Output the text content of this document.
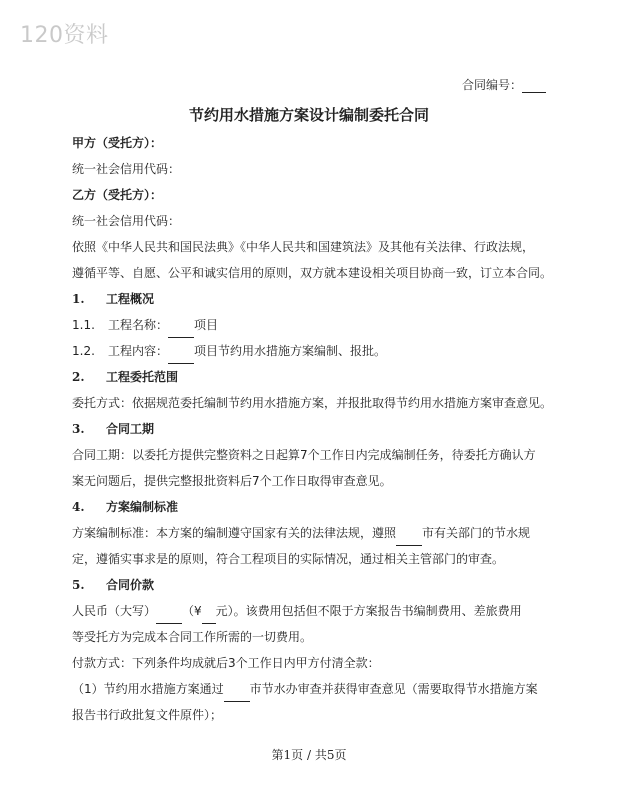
120资料
合同编号：
节约用水措施方案设计编制委托合同
甲方（受托方）：
统一社会信用代码：
乙方（受托方）：
统一社会信用代码：
依照《中华人民共和国民法典》《中华人民共和国建筑法》及其他有关法律、行政法规，
遵循平等、自愿、公平和诚实信用的原则，双方就本建设相关项目协商一致，订立本合同。
1. 工程概况
1.1. 工程名称： 项目
1.2. 工程内容： 项目节约用水措施方案编制、报批。
2. 工程委托范围
委托方式：依据规范委托编制节约用水措施方案，并报批取得节约用水措施方案审查意见。
3. 合同工期
合同工期：以委托方提供完整资料之日起算7个工作日内完成编制任务，待委托方确认方
案无问题后，提供完整报批资料后7个工作日取得审查意见。
4. 方案编制标准
方案编制标准：本方案的编制遵守国家有关的法律法规，遵照 市有关部门的节水规
定，遵循实事求是的原则，符合工程项目的实际情况，通过相关主管部门的审查。
5. 合同价款
人民币（大写） （¥ 元）。该费用包括但不限于方案报告书编制费用、差旅费用
等受托方为完成本合同工作所需的一切费用。
付款方式：下列条件均成就后3个工作日内甲方付清全款：
（1）节约用水措施方案通过 市节水办审查并获得审查意见（需要取得节水措施方案
报告书行政批复文件原件）；
第1页 / 共5页
